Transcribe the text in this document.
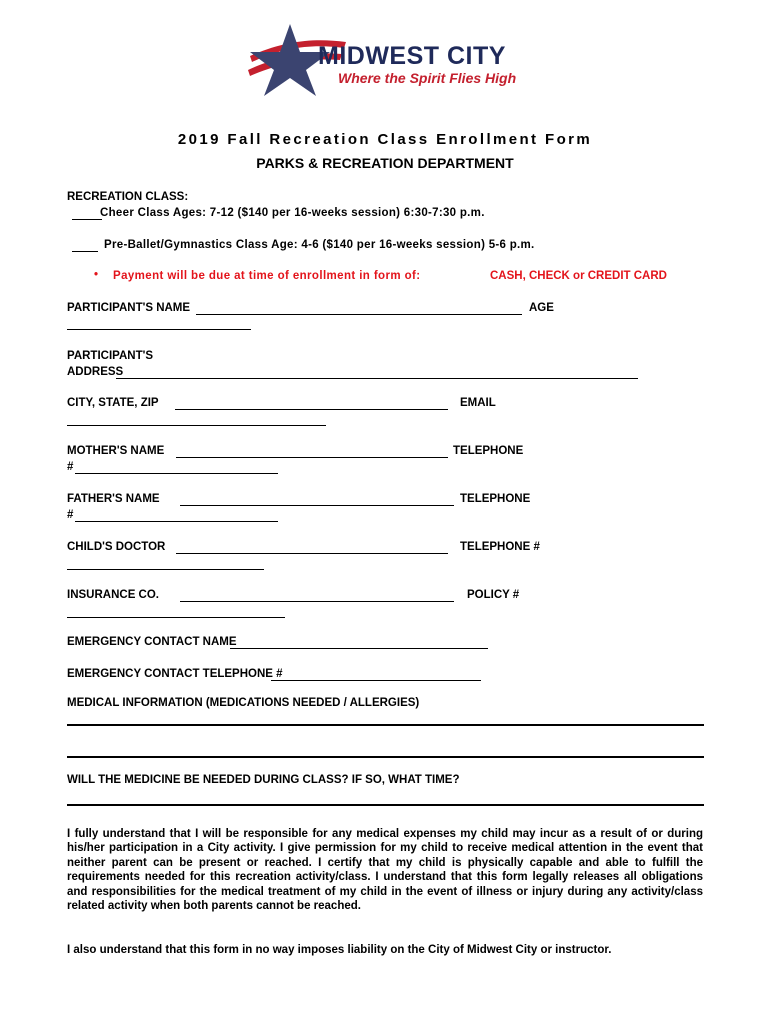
MIDWEST CITY
Where the Spirit Flies High
2019 Fall Recreation Class Enrollment Form
PARKS & RECREATION DEPARTMENT
RECREATION CLASS:
Cheer Class Ages: 7-12 ($140 per 16-weeks session) 6:30-7:30 p.m.
Pre-Ballet/Gymnastics Class Age: 4-6 ($140 per 16-weeks session) 5-6 p.m.
• Payment will be due at time of enrollment in form of:	CASH, CHECK or CREDIT CARD
PARTICIPANT'S NAME	AGE
PARTICIPANT'S
ADDRESS
CITY, STATE, ZIP	EMAIL
MOTHER'S NAME	TELEPHONE
#
FATHER'S NAME	TELEPHONE
#
CHILD'S DOCTOR	TELEPHONE #
INSURANCE CO.	POLICY #
EMERGENCY CONTACT NAME
EMERGENCY CONTACT TELEPHONE #
MEDICAL INFORMATION (MEDICATIONS NEEDED / ALLERGIES)
WILL THE MEDICINE BE NEEDED DURING CLASS? IF SO, WHAT TIME?
I fully understand that I will be responsible for any medical expenses my child may incur as a result of or during his/her participation in a City activity. I give permission for my child to receive medical attention in the event that neither parent can be present or reached. I certify that my child is physically capable and able to fulfill the requirements needed for this recreation activity/class. I understand that this form legally releases all obligations and responsibilities for the medical treatment of my child in the event of illness or injury during any activity/class related activity when both parents cannot be reached.
I also understand that this form in no way imposes liability on the City of Midwest City or instructor.
